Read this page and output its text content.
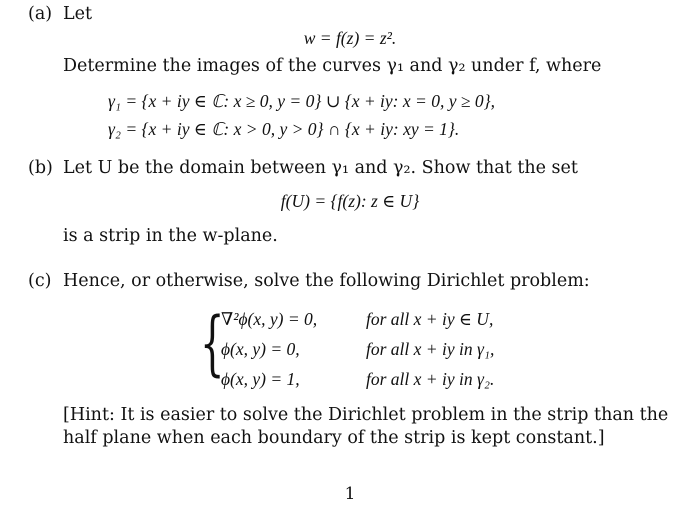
(a) Let
w = f(z) = z².
Determine the images of the curves γ₁ and γ₂ under f, where
γ₁ = {x + iy ∈ ℂ: x ≥ 0, y = 0} ∪ {x + iy: x = 0, y ≥ 0},
γ₂ = {x + iy ∈ ℂ: x > 0, y > 0} ∩ {x + iy: xy = 1}.
(b) Let U be the domain between γ₁ and γ₂. Show that the set
f(U) = {f(z): z ∈ U}
is a strip in the w-plane.
(c) Hence, or otherwise, solve the following Dirichlet problem:
{
∇²ϕ(x, y) = 0,	for all x + iy ∈ U,
ϕ(x, y) = 0,	for all x + iy in γ₁,
ϕ(x, y) = 1,	for all x + iy in γ₂.
[Hint: It is easier to solve the Dirichlet problem in the strip than the
half plane when each boundary of the strip is kept constant.]
1
